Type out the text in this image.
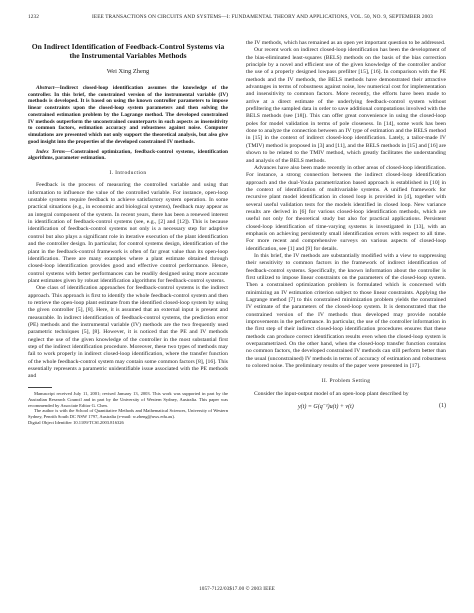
1232	IEEE TRANSACTIONS ON CIRCUITS AND SYSTEMS—I: FUNDAMENTAL THEORY AND APPLICATIONS, VOL. 50, NO. 9, SEPTEMBER 2003

On Indirect Identification of Feedback-Control Systems via the Instrumental Variables Methods

Wei Xing Zheng

Abstract—Indirect closed-loop identification assumes the knowledge of the controller. In this brief, the constrained version of the instrumental variable (IV) methods is developed. It is based on using the known controller parameters to impose linear constraints upon the closed-loop system parameters and then solving the constrained estimation problem by the Lagrange method. The developed constrained IV methods outperform the unconstrained counterparts in such aspects as insensitivity to common factors, estimation accuracy and robustness against noise. Computer simulations are presented which not only support the theoretical analysis, but also give good insight into the properties of the developed constrained IV methods.

Index Terms—Constrained optimization, feedback-control systems, identification algorithms, parameter estimation.

I. Introduction

Feedback is the process of measuring the controlled variable and using that information to influence the value of the controlled variable. For instance, open-loop unstable systems require feedback to achieve satisfactory system operation. In some practical situations (e.g., in economic and biological systems), feedback may appear as an integral component of the system. In recent years, there has been a renewed interest in identification of feedback-control systems (see, e.g., [2] and [12]). This is because identification of feedback-control systems not only is a necessary step for adaptive control but also plays a significant role in iterative execution of the plant identification and the controller design. In particular, for control systems design, identification of the plant in the feedback-control framework is often of far great value than its open-loop identification. There are many examples where a plant estimate obtained through closed-loop identification provides good and effective control performance. Hence, control systems with better performances can be readily designed using more accurate plant estimates given by robust identification algorithms for feedback-control systems.

One class of identification approaches for feedback-control systems is the indirect approach. This approach is first to identify the whole feedback-control system and then to retrieve the open-loop plant estimate from the identified closed-loop system by using the given controller [5], [8]. Here, it is assumed that an external input is present and measurable. In indirect identification of feedback-control systems, the prediction error (PE) methods and the instrumental variable (IV) methods are the two frequently used parametric techniques [5], [8]. However, it is noticed that the PE and IV methods neglect the use of the given knowledge of the controller in the most substantial first step of the indirect identification procedure. Moreover, these two types of methods may fail to work properly in indirect closed-loop identification, where the transfer function of the whole feedback-control system may contain some common factors [8], [16]. This essentially represents a parametric unidentifiable issue associated with the PE methods and

Manuscript received July 11, 2001; revised January 13, 2003. This work was supported in part by the Australian Research Council and in part by the University of Western Sydney, Australia. This paper was recommended by Associate Editor G. Chen.

The author is with the School of Quantitative Methods and Mathematical Sciences, University of Western Sydney, Penrith South DC NSW 1797, Australia (e-mail: w.zheng@uws.edu.au).

Digital Object Identifier 10.1109/TCSI.2003.816326

the IV methods, which has remained as an open yet important question to be addressed.

Our recent work on indirect closed-loop identification has been the development of the bias-eliminated least-squares (BELS) methods on the basis of the bias correction principle by a novel and efficient use of the given knowledge of the controller and/or the use of a properly designed lowpass prefilter [15], [16]. In comparison with the PE methods and the IV methods, the BELS methods have demonstrated their attractive advantages in terms of robustness against noise, low numerical cost for implementation and insensitivity to common factors. More recently, the efforts have been made to arrive at a direct estimate of the underlying feedback-control system without prefiltering the sampled data in order to save additional computations involved with the BELS methods (see [18]). This can offer great convenience in using the closed-loop poles for model validation in terms of pole closeness. In [14], some work has been done to analyze the connection between an IV type of estimation and the BELS method in [15] in the context of indirect closed-loop identification. Lately, a tailor-made IV (TMIV) method is proposed in [3] and [11], and the BELS methods in [15] and [16] are shown to be related to the TMIV method, which greatly facilitates the understanding and analysis of the BELS methods.

Advances have also been made recently in other areas of closed-loop identification. For instance, a strong connection between the indirect closed-loop identification approach and the dual-Youla parametrization based approach is established in [10] in the context of identification of multivariable systems. A unified framework for recursive plant model identification in closed loop is provided in [4], together with several useful validation tests for the models identified in closed loop. New variance results are derived in [6] for various closed-loop identification methods, which are useful not only for theoretical study but also for practical applications. Persistent closed-loop identification of time-varying systems is investigated in [13], with an emphasis on achieving persistently small identification errors with respect to all time. For more recent and comprehensive surveys on various aspects of closed-loop identification, see [1] and [9] for details.

In this brief, the IV methods are substantially modified with a view to suppressing their sensitivity to common factors in the framework of indirect identification of feedback-control systems. Specifically, the known information about the controller is first utilized to impose linear constraints on the parameters of the closed-loop system. Then a constrained optimization problem is formulated which is concerned with minimizing an IV estimation criterion subject to those linear constraints. Applying the Lagrange method [7] to this constrained minimization problem yields the constrained IV estimate of the parameters of the closed-loop system. It is demonstrated that the constrained version of the IV methods thus developed may provide notable improvements in the performance. In particular, the use of the controller information in the first step of their indirect closed-loop identification procedures ensures that these methods can produce correct identification results even when the closed-loop system is overparametrized. On the other hand, when the closed-loop transfer function contains no common factors, the developed constrained IV methods can still perform better than the usual (unconstrained) IV methods in terms of accuracy of estimation and robustness to colored noise. The preliminary results of the paper were presented in [17].

II. Problem Setting

Consider the input-output model of an open-loop plant described by

y(t) = G(q⁻¹)u(t) + v(t)	(1)
1057-7122/03$17.00 © 2003 IEEE
